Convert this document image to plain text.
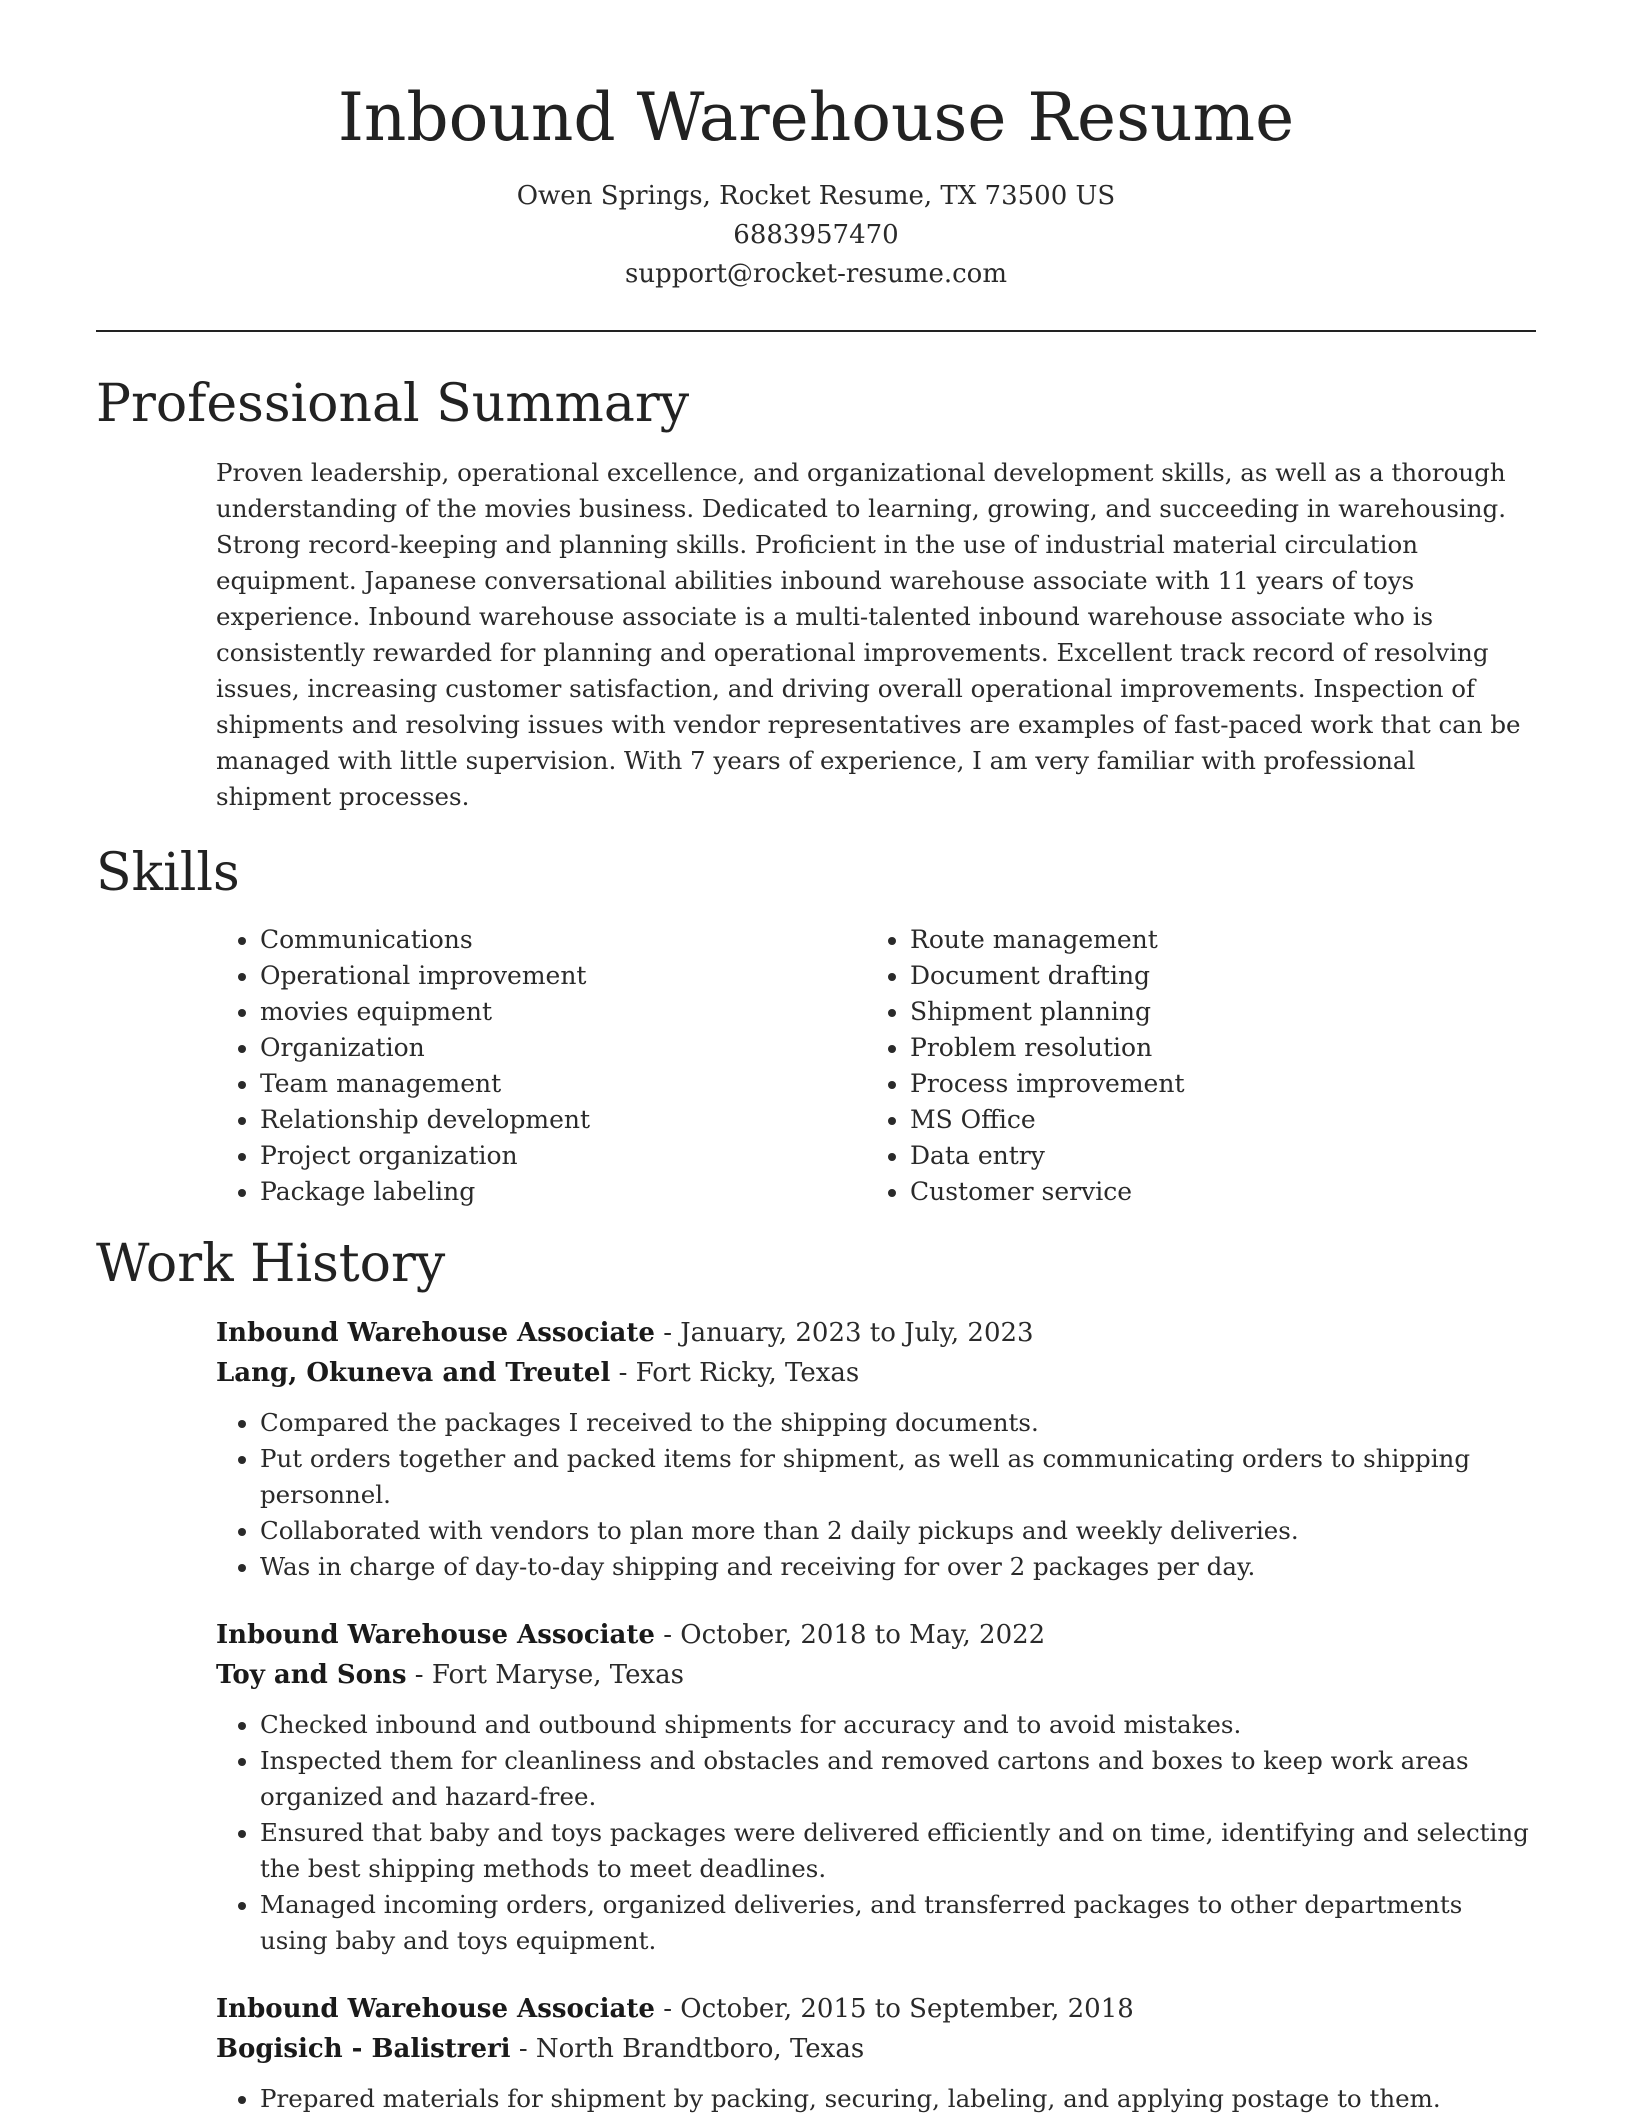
Inbound Warehouse Resume
Owen Springs, Rocket Resume, TX 73500 US
6883957470
support@rocket-resume.com
Professional Summary

Proven leadership, operational excellence, and organizational development skills, as well as a thorough understanding of the movies business. Dedicated to learning, growing, and succeeding in warehousing. Strong record-keeping and planning skills. Proficient in the use of industrial material circulation equipment. Japanese conversational abilities inbound warehouse associate with 11 years of toys experience. Inbound warehouse associate is a multi-talented inbound warehouse associate who is consistently rewarded for planning and operational improvements. Excellent track record of resolving issues, increasing customer satisfaction, and driving overall operational improvements. Inspection of shipments and resolving issues with vendor representatives are examples of fast-paced work that can be managed with little supervision. With 7 years of experience, I am very familiar with professional shipment processes.

Skills
• Communications
• Operational improvement
• movies equipment
• Organization
• Team management
• Relationship development
• Project organization
• Package labeling
• Route management
• Document drafting
• Shipment planning
• Problem resolution
• Process improvement
• MS Office
• Data entry
• Customer service
Work History
Inbound Warehouse Associate - January, 2023 to July, 2023
Lang, Okuneva and Treutel - Fort Ricky, Texas
• Compared the packages I received to the shipping documents.
• Put orders together and packed items for shipment, as well as communicating orders to shipping personnel.
• Collaborated with vendors to plan more than 2 daily pickups and weekly deliveries.
• Was in charge of day-to-day shipping and receiving for over 2 packages per day.
Inbound Warehouse Associate - October, 2018 to May, 2022
Toy and Sons - Fort Maryse, Texas
• Checked inbound and outbound shipments for accuracy and to avoid mistakes.
• Inspected them for cleanliness and obstacles and removed cartons and boxes to keep work areas organized and hazard-free.
• Ensured that baby and toys packages were delivered efficiently and on time, identifying and selecting the best shipping methods to meet deadlines.
• Managed incoming orders, organized deliveries, and transferred packages to other departments using baby and toys equipment.
Inbound Warehouse Associate - October, 2015 to September, 2018
Bogisich - Balistreri - North Brandtboro, Texas
• Prepared materials for shipment by packing, securing, labeling, and applying postage to them.
